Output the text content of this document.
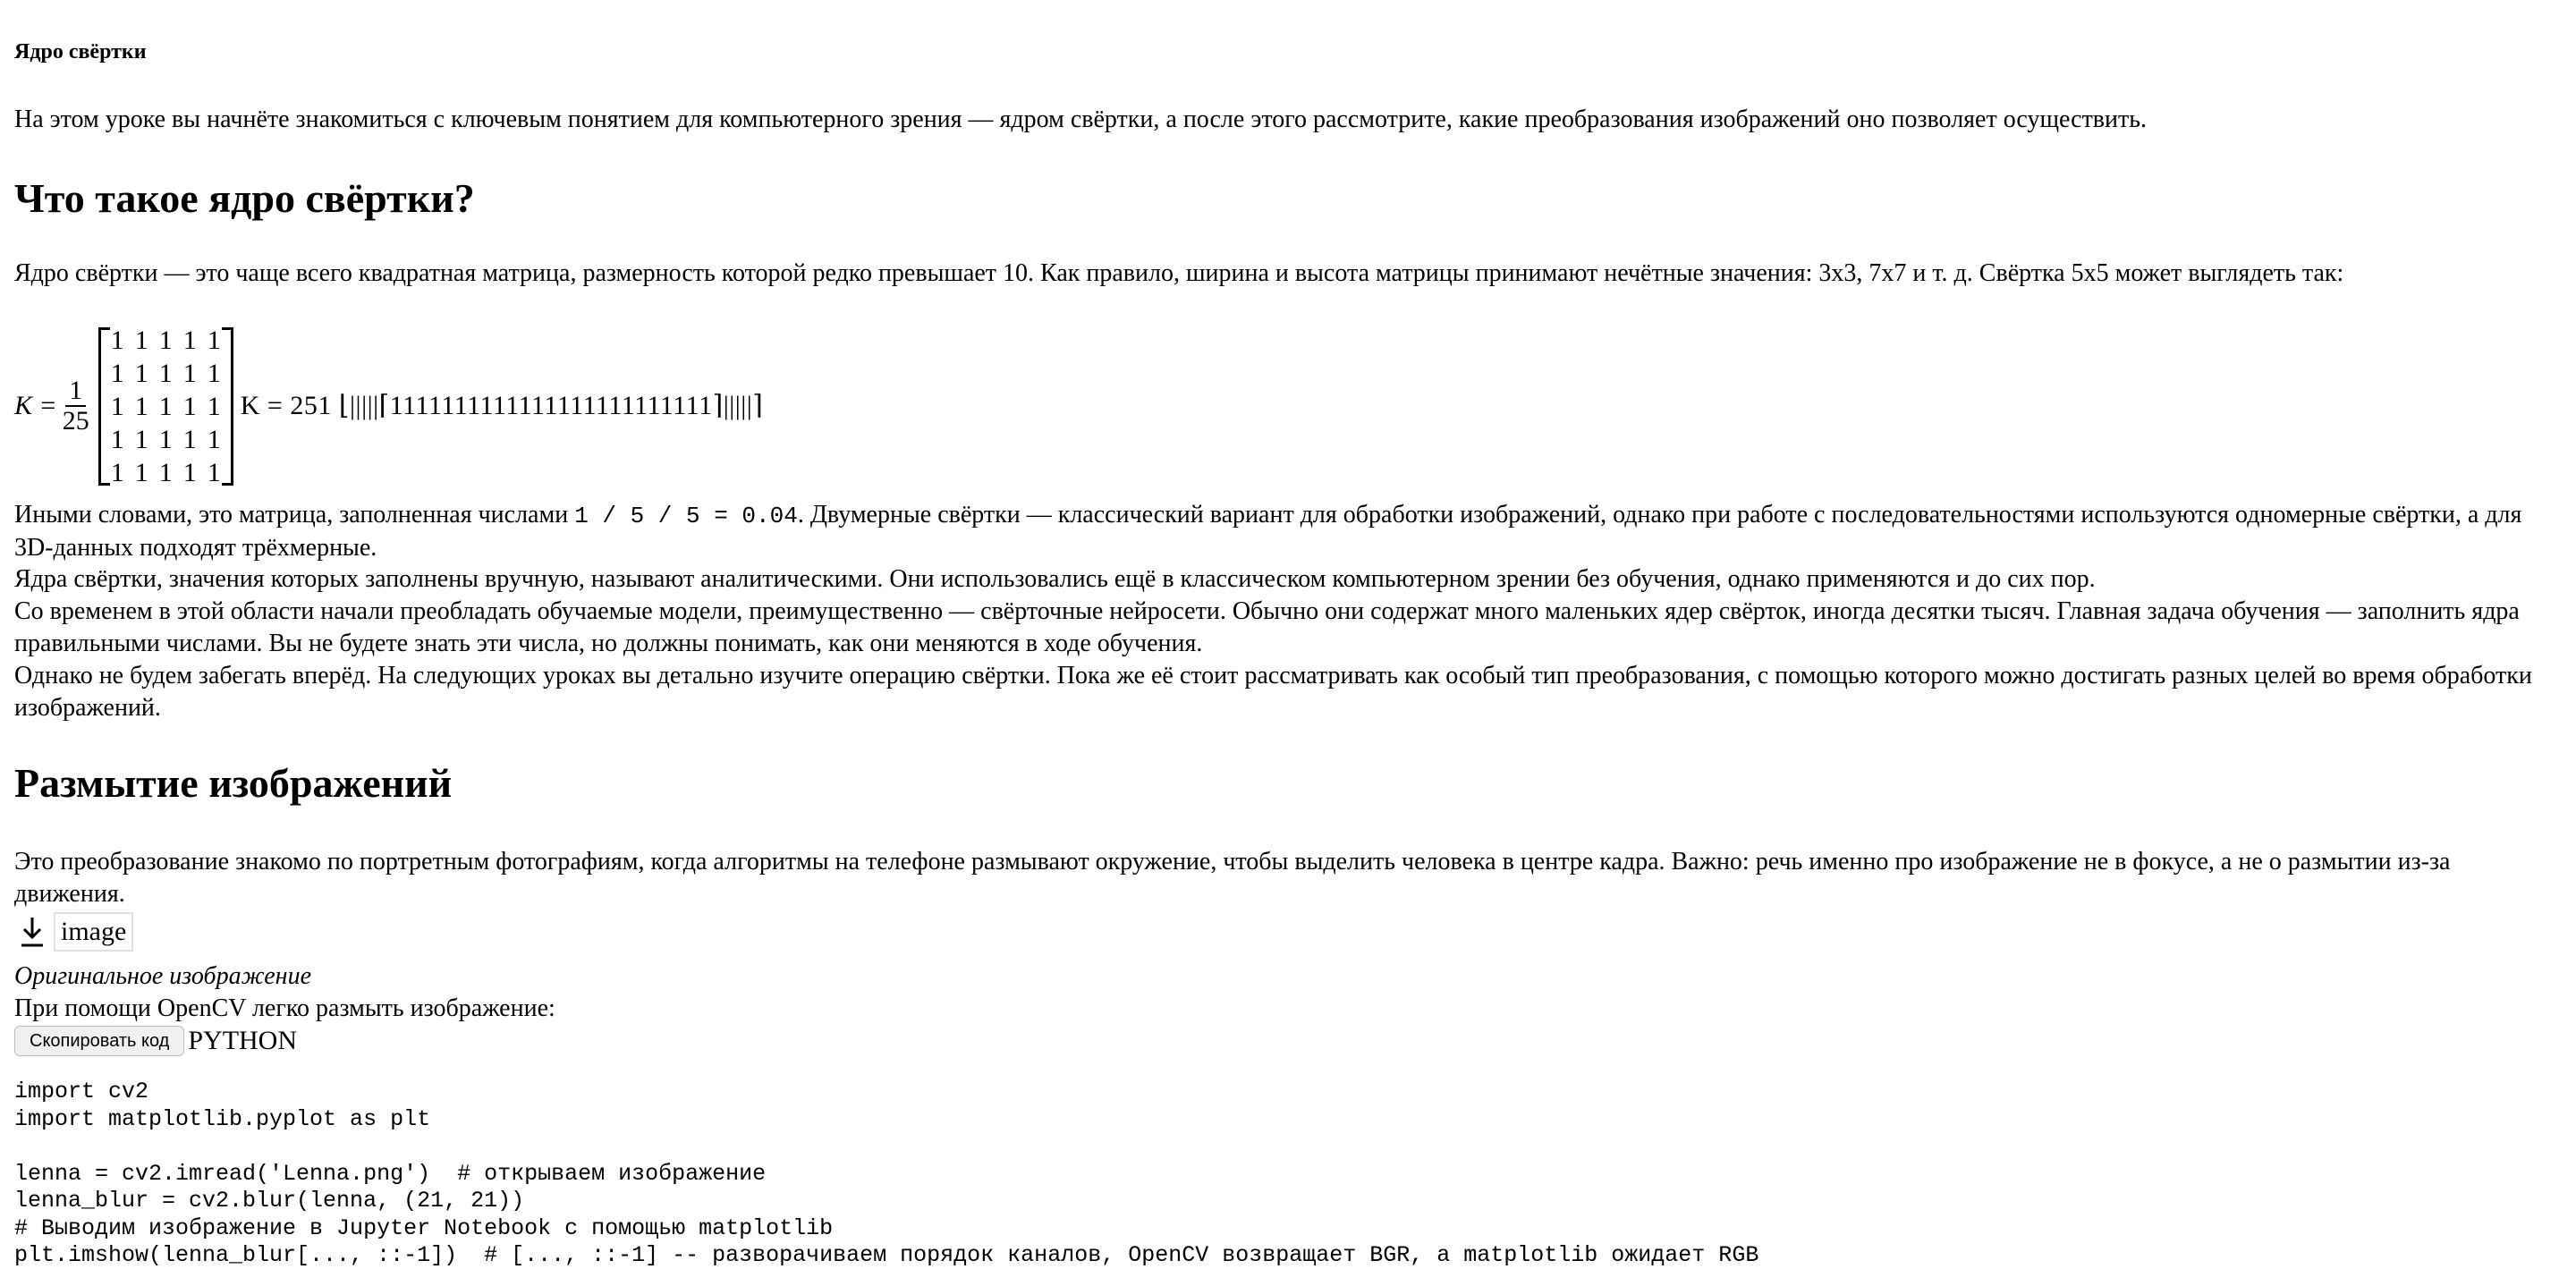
Ядро свёртки

На этом уроке вы начнёте знакомиться с ключевым понятием для компьютерного зрения — ядром свёртки, а после этого рассмотрите, какие преобразования изображений оно позволяет осуществить.

Что такое ядро свёртки?

Ядро свёртки — это чаще всего квадратная матрица, размерность которой редко превышает 10. Как правило, ширина и высота матрицы принимают нечётные значения: 3x3, 7x7 и т. д. Свёртка 5x5 может выглядеть так:

$K = \frac{1}{25}$
1 1 1 1 1
1 1 1 1 1
1 1 1 1 1
1 1 1 1 1
1 1 1 1 1
K = 251 ⌊|||||⌈1111111111111111111111111⌉|||||⌉

Иными словами, это матрица, заполненная числами 1 / 5 / 5 = 0.04. Двумерные свёртки — классический вариант для обработки изображений, однако при работе с последовательностями используются одномерные свёртки, а для 3D-данных подходят трёхмерные.

Ядра свёртки, значения которых заполнены вручную, называют аналитическими. Они использовались ещё в классическом компьютерном зрении без обучения, однако применяются и до сих пор.

Со временем в этой области начали преобладать обучаемые модели, преимущественно — свёрточные нейросети. Обычно они содержат много маленьких ядер свёрток, иногда десятки тысяч. Главная задача обучения — заполнить ядра правильными числами. Вы не будете знать эти числа, но должны понимать, как они меняются в ходе обучения.

Однако не будем забегать вперёд. На следующих уроках вы детально изучите операцию свёртки. Пока же её стоит рассматривать как особый тип преобразования, с помощью которого можно достигать разных целей во время обработки изображений.

Размытие изображений

Это преобразование знакомо по портретным фотографиям, когда алгоритмы на телефоне размывают окружение, чтобы выделить человека в центре кадра. Важно: речь именно про изображение не в фокусе, а не о размытии из-за движения.

image
Оригинальное изображение

При помощи OpenCV легко размыть изображение:

Скопировать код PYTHON
import cv2
import matplotlib.pyplot as plt

lenna = cv2.imread('Lenna.png')  # открываем изображение
lenna_blur = cv2.blur(lenna, (21, 21))
# Выводим изображение в Jupyter Notebook с помощью matplotlib
plt.imshow(lenna_blur[..., ::-1])  # [..., ::-1] -- разворачиваем порядок каналов, OpenCV возвращает BGR, а matplotlib ожидает RGB
